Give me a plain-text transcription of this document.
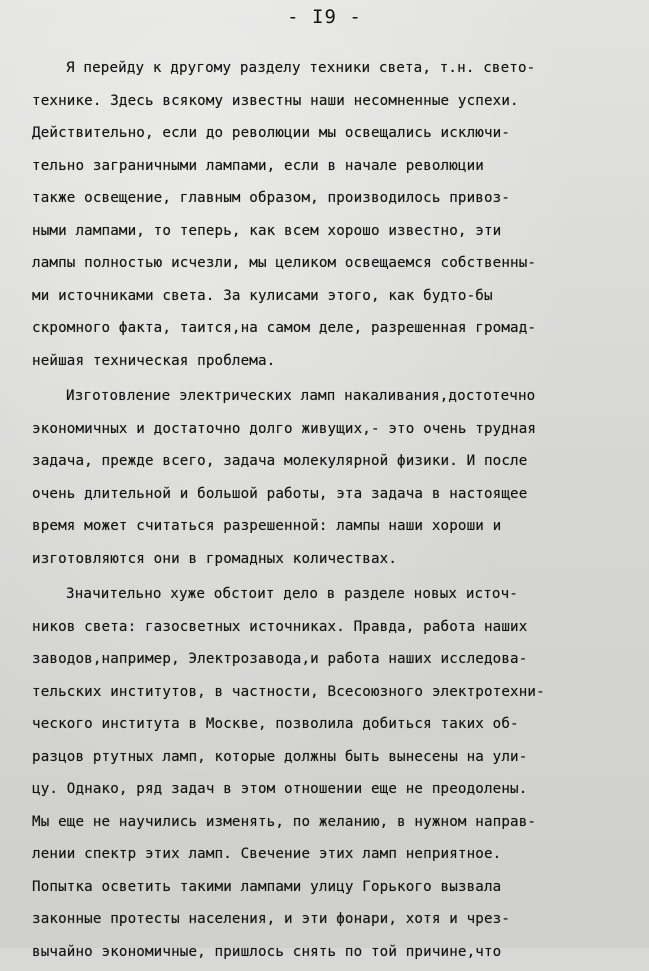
- I9 -

Я перейду к другому разделу техники света, т.н. свето-
технике. Здесь всякому известны наши несомненные успехи.
Действительно, если до революции мы освещались исключи-
тельно заграничными лампами, если в начале революции
также освещение, главным образом, производилось привоз-
ными лампами, то теперь, как всем хорошо известно, эти
лампы полностью исчезли, мы целиком освещаемся собственны-
ми источниками света. За кулисами этого, как будто-бы
скромного факта, таится,на самом деле, разрешенная громад-
нейшая техническая проблема.
Изготовление электрических ламп накаливания,достотечно
экономичных и достаточно долго живущих,- это очень трудная
задача, прежде всего, задача молекулярной физики. И после
очень длительной и большой работы, эта задача в настоящее
время может считаться разрешенной: лампы наши хороши и
изготовляются они в громадных количествах.
Значительно хуже обстоит дело в разделе новых источ-
ников света: газосветных источниках. Правда, работа наших
заводов,например, Электрозавода,и работа наших исследова-
тельских институтов, в частности, Всесоюзного электротехни-
ческого института в Москве, позволила добиться таких об-
разцов ртутных ламп, которые должны быть вынесены на ули-
цу. Однако, ряд задач в этом отношении еще не преодолены.
Мы еще не научились изменять, по желанию, в нужном направ-
лении спектр этих ламп. Свечение этих ламп неприятное.
Попытка осветить такими лампами улицу Горького вызвала
законные протесты населения, и эти фонари, хотя и чрез-
вычайно экономичные, пришлось снять по той причине,что
